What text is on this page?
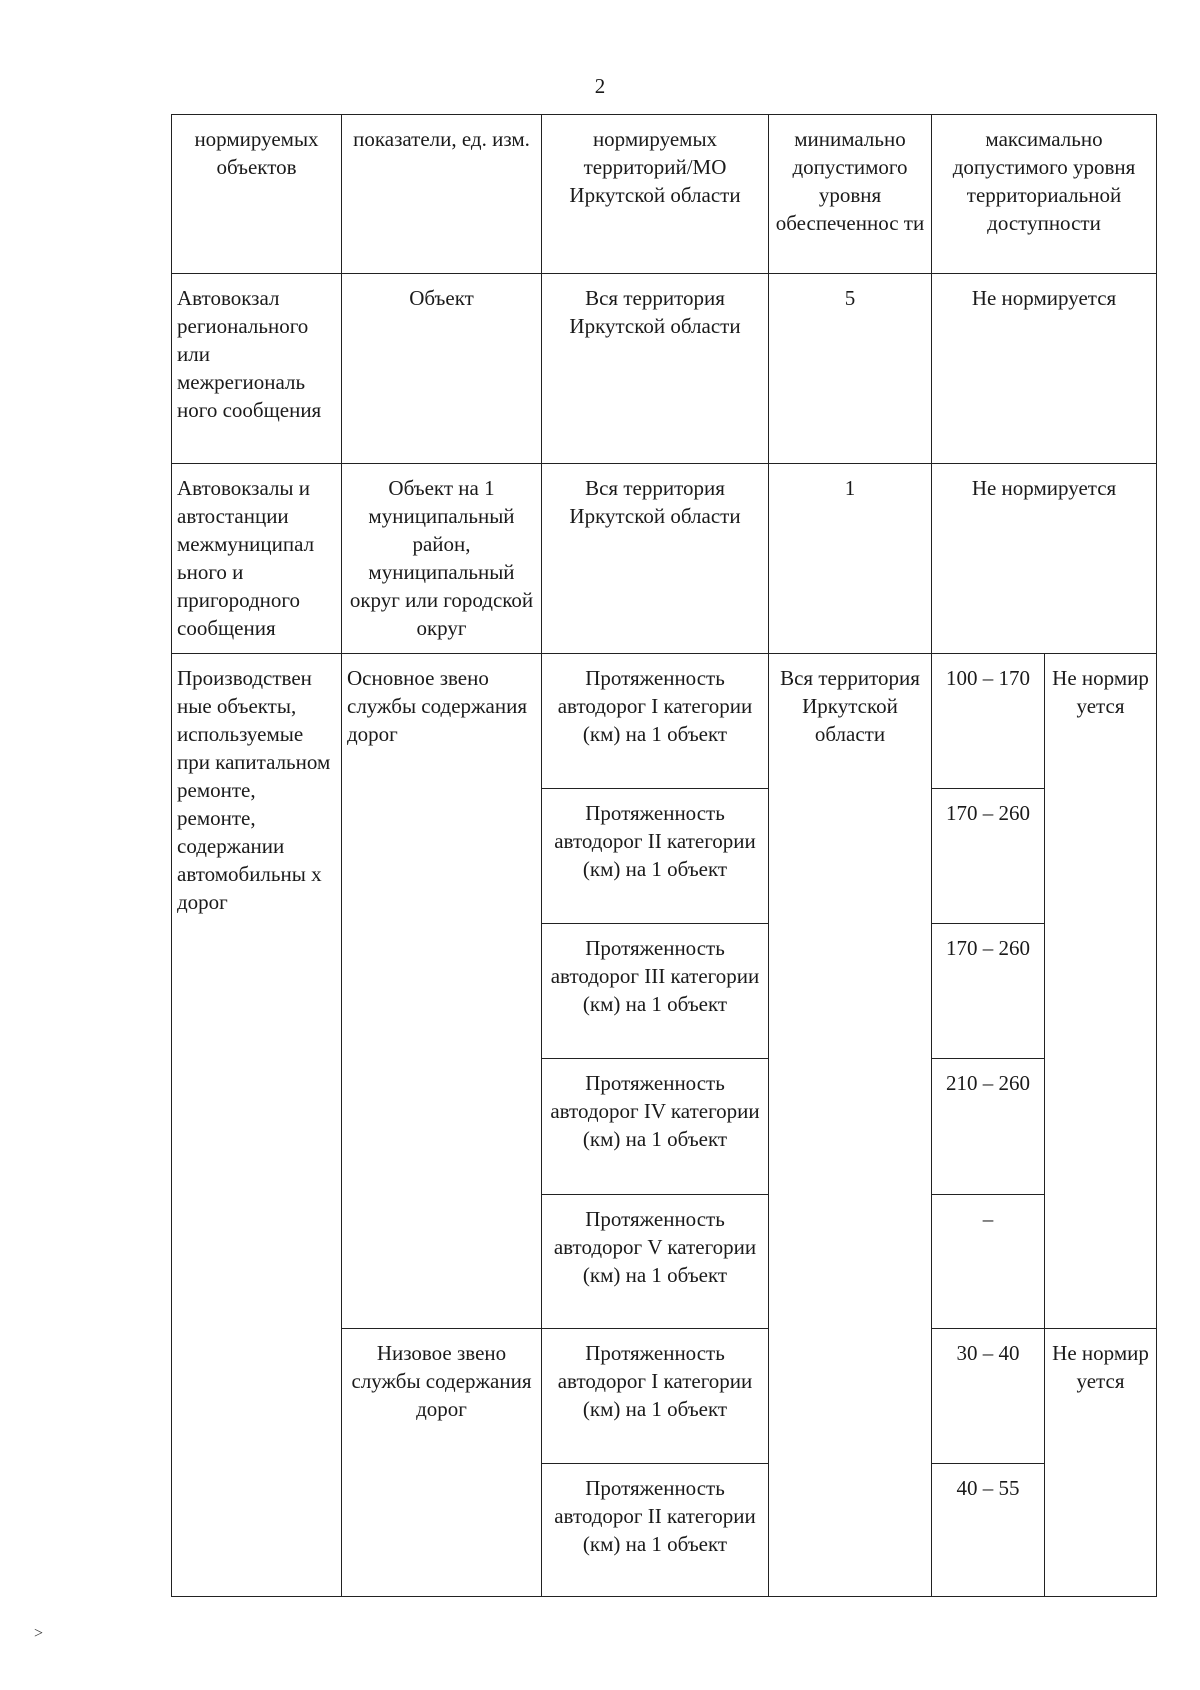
2
нормируемых объектов	показатели, ед. изм.	нормируемых территорий/МО Иркутской области	минимально допустимого уровня обеспеченнос ти	максимально допустимого уровня территориальной доступности	
Автовокзал регионального или межрегиональ ного сообщения	Объект	Вся территория Иркутской области	5	Не нормируется	
Автовокзалы и автостанции межмуниципал ьного и пригородного сообщения	Объект на 1 муниципальный район, муниципальный округ или городской округ	Вся территория Иркутской области	1	Не нормируется	
Производствен ные объекты, используемые при капитальном ремонте, ремонте, содержании автомобильны х дорог	Основное звено службы содержания дорог	Протяженность автодорог I категории (км) на 1 объект	Вся территория Иркутской области	100 – 170	Не нормир уется
		Протяженность автодорог II категории (км) на 1 объект		170 – 260	
		Протяженность автодорог III категории (км) на 1 объект		170 – 260	
		Протяженность автодорог IV категории (км) на 1 объект		210 – 260	
		Протяженность автодорог V категории (км) на 1 объект		–	
	Низовое звено службы содержания дорог	Протяженность автодорог I категории (км) на 1 объект		30 – 40	Не нормир уется
		Протяженность автодорог II категории (км) на 1 объект		40 – 55	
˃
